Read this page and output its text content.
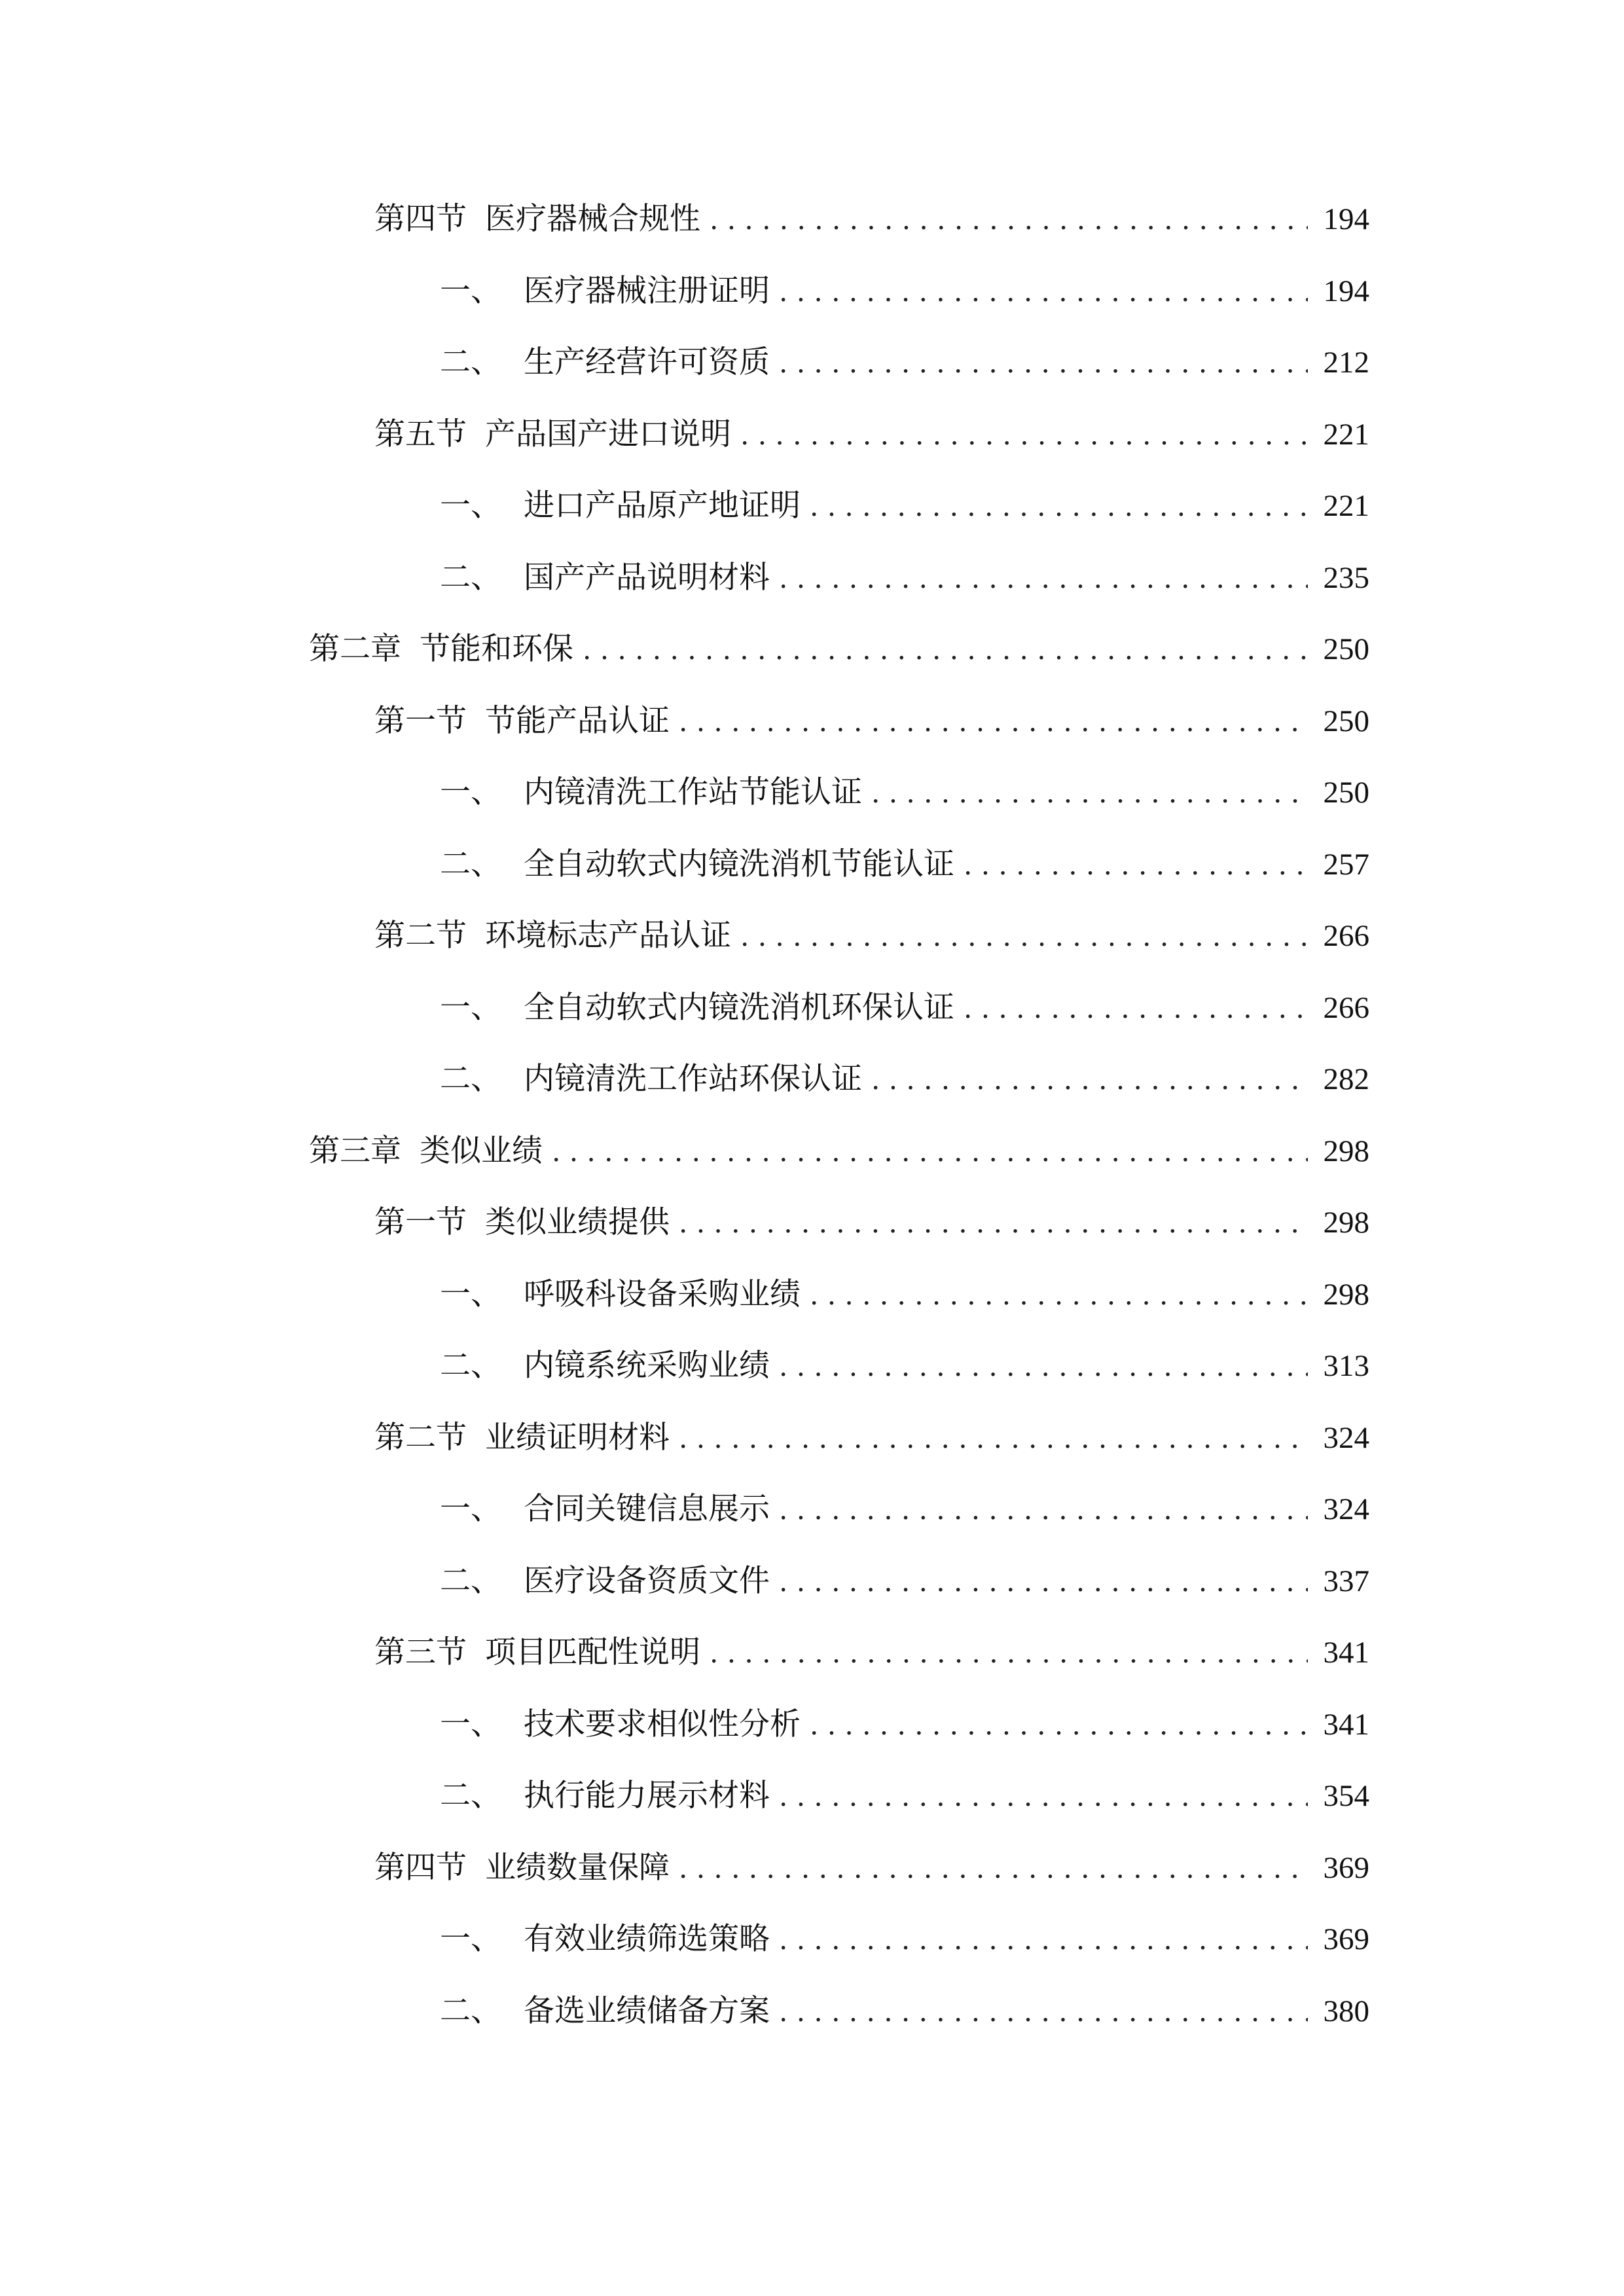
第四节 医疗器械合规性 . . .	194
一、 医疗器械注册证明 . . .	194
二、 生产经营许可资质 . . .	212
第五节 产品国产进口说明 . . .	221
一、 进口产品原产地证明 . . .	221
二、 国产产品说明材料 . . .	235
第二章 节能和环保 . . .	250
第一节 节能产品认证 . . .	250
一、 内镜清洗工作站节能认证 . . .	250
二、 全自动软式内镜洗消机节能认证 . . .	257
第二节 环境标志产品认证 . . .	266
一、 全自动软式内镜洗消机环保认证 . . .	266
二、 内镜清洗工作站环保认证 . . .	282
第三章 类似业绩 . . .	298
第一节 类似业绩提供 . . .	298
一、 呼吸科设备采购业绩 . . .	298
二、 内镜系统采购业绩 . . .	313
第二节 业绩证明材料 . . .	324
一、 合同关键信息展示 . . .	324
二、 医疗设备资质文件 . . .	337
第三节 项目匹配性说明 . . .	341
一、 技术要求相似性分析 . . .	341
二、 执行能力展示材料 . . .	354
第四节 业绩数量保障 . . .	369
一、 有效业绩筛选策略 . . .	369
二、 备选业绩储备方案 . . .	380
